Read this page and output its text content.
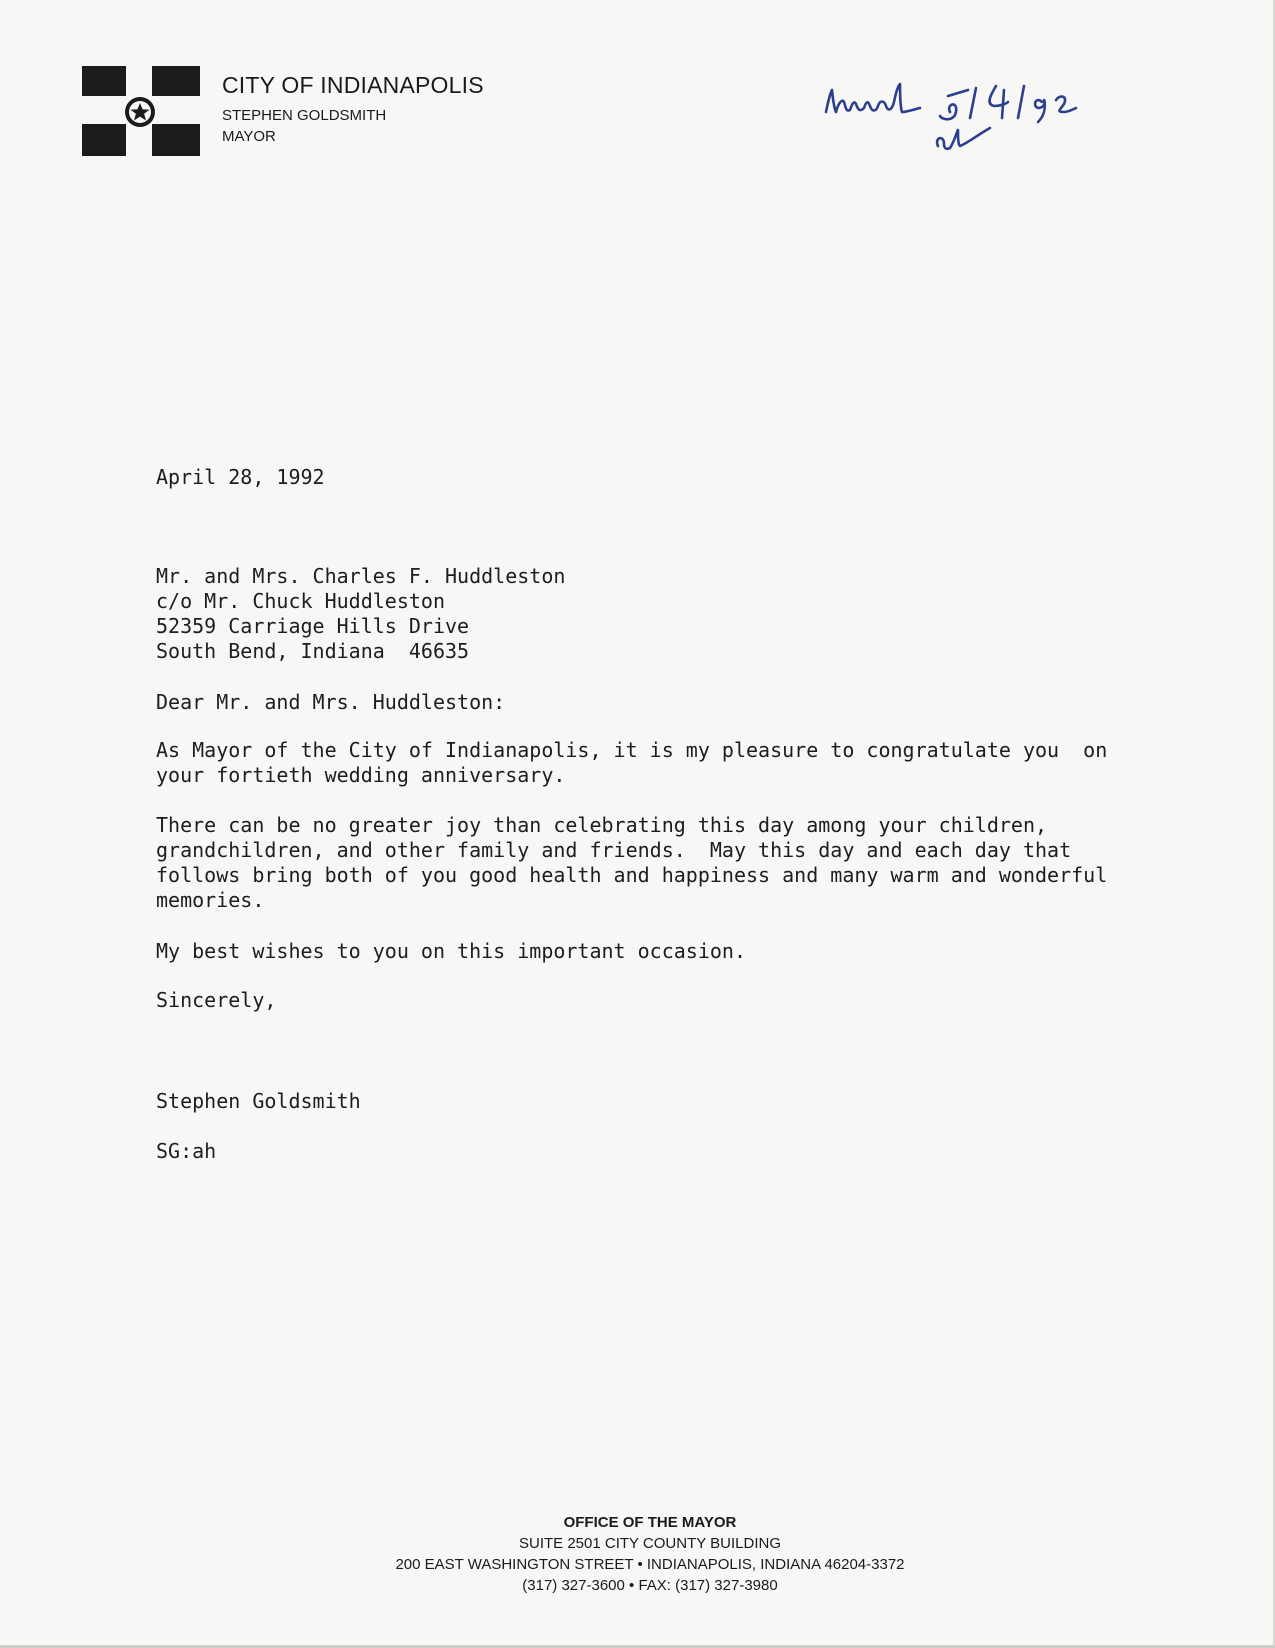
CITY OF INDIANAPOLIS
STEPHEN GOLDSMITH
MAYOR
April 28, 1992
Mr. and Mrs. Charles F. Huddleston
c/o Mr. Chuck Huddleston
52359 Carriage Hills Drive
South Bend, Indiana  46635
Dear Mr. and Mrs. Huddleston:
As Mayor of the City of Indianapolis, it is my pleasure to congratulate you  on
your fortieth wedding anniversary.
There can be no greater joy than celebrating this day among your children,
grandchildren, and other family and friends.  May this day and each day that
follows bring both of you good health and happiness and many warm and wonderful
memories.
My best wishes to you on this important occasion.
Sincerely,
Stephen Goldsmith
SG:ah
OFFICE OF THE MAYOR
SUITE 2501 CITY COUNTY BUILDING
200 EAST WASHINGTON STREET • INDIANAPOLIS, INDIANA 46204-3372
(317) 327-3600 • FAX: (317) 327-3980
